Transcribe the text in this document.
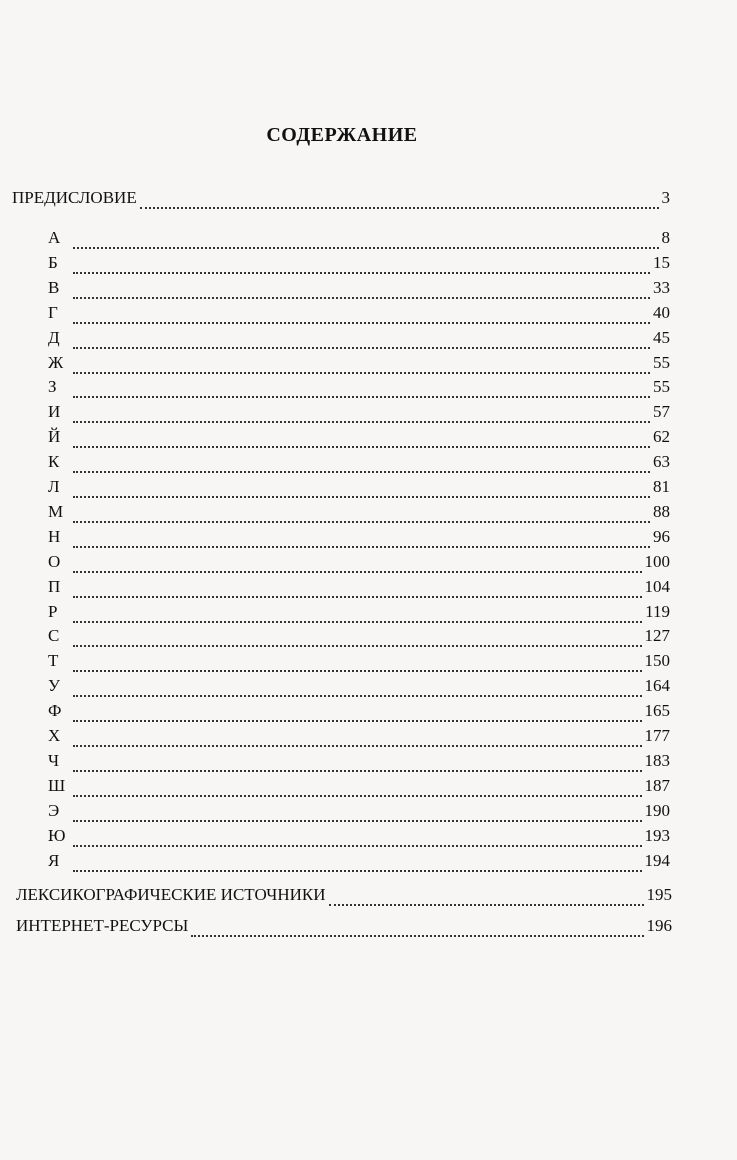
СОДЕРЖАНИЕ
ПРЕДИСЛОВИЕ	3
А	8
Б	15
В	33
Г	40
Д	45
Ж	55
З	55
И	57
Й	62
К	63
Л	81
М	88
Н	96
О	100
П	104
Р	119
С	127
Т	150
У	164
Ф	165
Х	177
Ч	183
Ш	187
Э	190
Ю	193
Я	194
ЛЕКСИКОГРАФИЧЕСКИЕ ИСТОЧНИКИ	195
ИНТЕРНЕТ-РЕСУРСЫ	196
